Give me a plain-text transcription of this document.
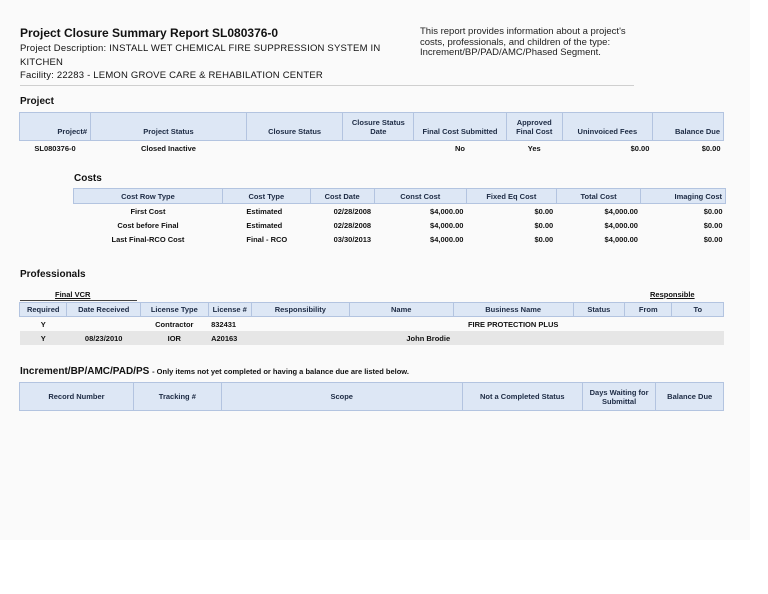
Project Closure Summary Report SL080376-0
Project Description: INSTALL WET CHEMICAL FIRE SUPPRESSION SYSTEM IN KITCHEN
Facility: 22283 - LEMON GROVE CARE & REHABILATION CENTER
This report provides information about a project's costs, professionals, and children of the type: Increment/BP/PAD/AMC/Phased Segment.
Project
Project#	Project Status	Closure Status	Closure Status Date	Final Cost Submitted	Approved Final Cost	Uninvoiced Fees	Balance Due
SL080376-0	Closed Inactive			No	Yes	$0.00	$0.00
Costs
Cost Row Type	Cost Type	Cost Date	Const Cost	Fixed Eq Cost	Total Cost	Imaging Cost
First Cost	Estimated	02/28/2008	$4,000.00	$0.00	$4,000.00	$0.00
Cost before Final	Estimated	02/28/2008	$4,000.00	$0.00	$4,000.00	$0.00
Last Final-RCO Cost	Final - RCO	03/30/2013	$4,000.00	$0.00	$4,000.00	$0.00
Professionals
Final VCR	Responsible
Required	Date Received	License Type	License #	Responsibility	Name	Business Name	Status	From	To
Y		Contractor	832431			FIRE PROTECTION PLUS			
Y	08/23/2010	IOR	A20163		John Brodie				
Increment/BP/AMC/PAD/PS - Only items not yet completed or having a balance due are listed below.
Record Number	Tracking #	Scope	Not a Completed Status	Days Waiting for Submittal	Balance Due
